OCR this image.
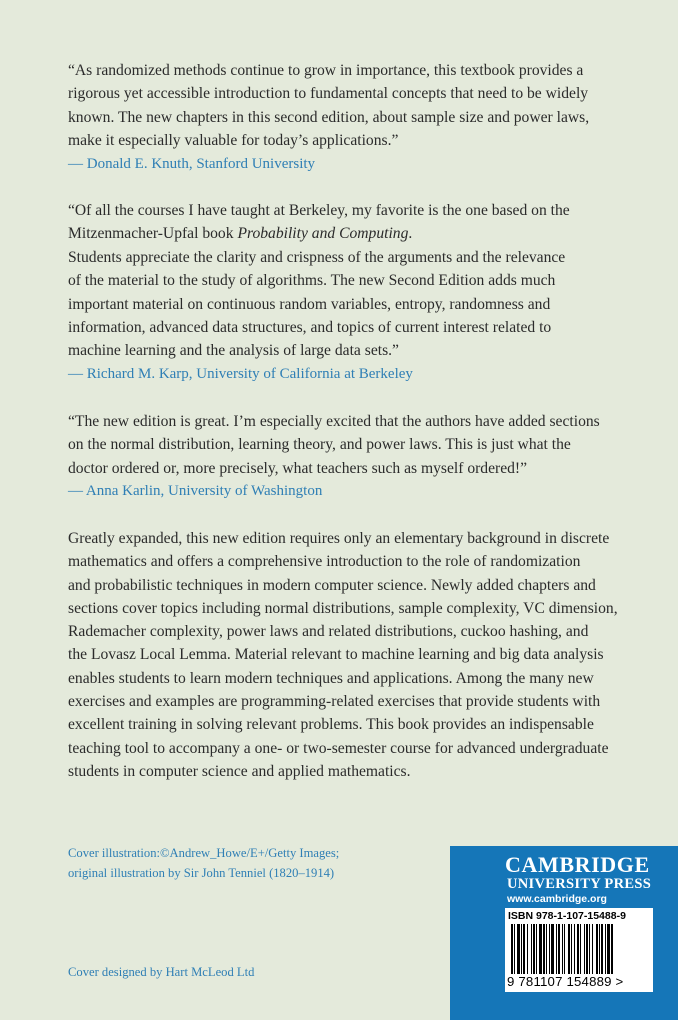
“As randomized methods continue to grow in importance, this textbook provides a
rigorous yet accessible introduction to fundamental concepts that need to be widely
known. The new chapters in this second edition, about sample size and power laws,
make it especially valuable for today’s applications.”
— Donald E. Knuth, Stanford University
“Of all the courses I have taught at Berkeley, my favorite is the one based on the
Mitzenmacher-Upfal book Probability and Computing.
Students appreciate the clarity and crispness of the arguments and the relevance
of the material to the study of algorithms. The new Second Edition adds much
important material on continuous random variables, entropy, randomness and
information, advanced data structures, and topics of current interest related to
machine learning and the analysis of large data sets.”
— Richard M. Karp, University of California at Berkeley
“The new edition is great. I’m especially excited that the authors have added sections
on the normal distribution, learning theory, and power laws. This is just what the
doctor ordered or, more precisely, what teachers such as myself ordered!”
— Anna Karlin, University of Washington
Greatly expanded, this new edition requires only an elementary background in discrete
mathematics and offers a comprehensive introduction to the role of randomization
and probabilistic techniques in modern computer science. Newly added chapters and
sections cover topics including normal distributions, sample complexity, VC dimension,
Rademacher complexity, power laws and related distributions, cuckoo hashing, and
the Lovasz Local Lemma. Material relevant to machine learning and big data analysis
enables students to learn modern techniques and applications. Among the many new
exercises and examples are programming-related exercises that provide students with
excellent training in solving relevant problems. This book provides an indispensable
teaching tool to accompany a one- or two-semester course for advanced undergraduate
students in computer science and applied mathematics.
Cover illustration:©Andrew_Howe/E+/Getty Images;
original illustration by Sir John Tenniel (1820–1914)
Cover designed by Hart McLeod Ltd
CAMBRIDGE
UNIVERSITY PRESS
www.cambridge.org
ISBN 978-1-107-15488-9
9 781107 154889 >
